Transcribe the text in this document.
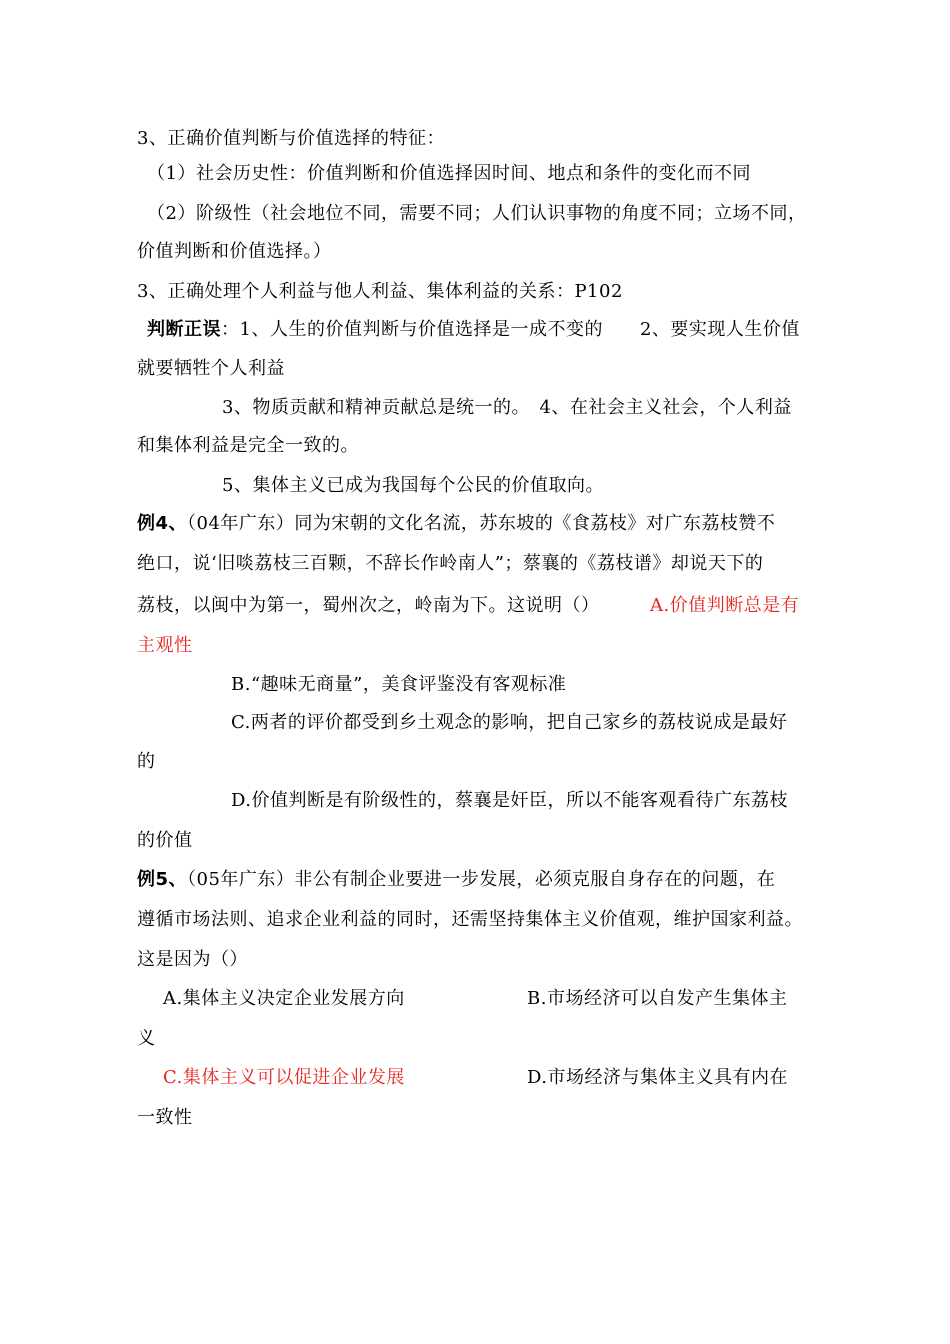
3、正确价值判断与价值选择的特征：
（1）社会历史性：价值判断和价值选择因时间、地点和条件的变化而不同
（2）阶级性（社会地位不同，需要不同；人们认识事物的角度不同；立场不同，
价值判断和价值选择。）
3、正确处理个人利益与他人利益、集体利益的关系：P102
判断正误：1、人生的价值判断与价值选择是一成不变的　　2、要实现人生价值
就要牺牲个人利益
3、物质贡献和精神贡献总是统一的。　4、在社会主义社会，个人利益
和集体利益是完全一致的。
5、集体主义已成为我国每个公民的价值取向。
例4、（04年广东）同为宋朝的文化名流，苏东坡的《食荔枝》对广东荔枝赞不
绝口，说‘旧啖荔枝三百颗，不辞长作岭南人”；蔡襄的《荔枝谱》却说天下的
荔枝，以闽中为第一，蜀州次之，岭南为下。这说明（）	A.价值判断总是有
主观性
B.“趣味无商量”，美食评鉴没有客观标准
C.两者的评价都受到乡土观念的影响，把自己家乡的荔枝说成是最好
的
D.价值判断是有阶级性的，蔡襄是奸臣，所以不能客观看待广东荔枝
的价值
例5、（05年广东）非公有制企业要进一步发展，必须克服自身存在的问题，在
遵循市场法则、追求企业利益的同时，还需坚持集体主义价值观，维护国家利益。
这是因为（）
A.集体主义决定企业发展方向	B.市场经济可以自发产生集体主
义
C.集体主义可以促进企业发展	D.市场经济与集体主义具有内在
一致性
